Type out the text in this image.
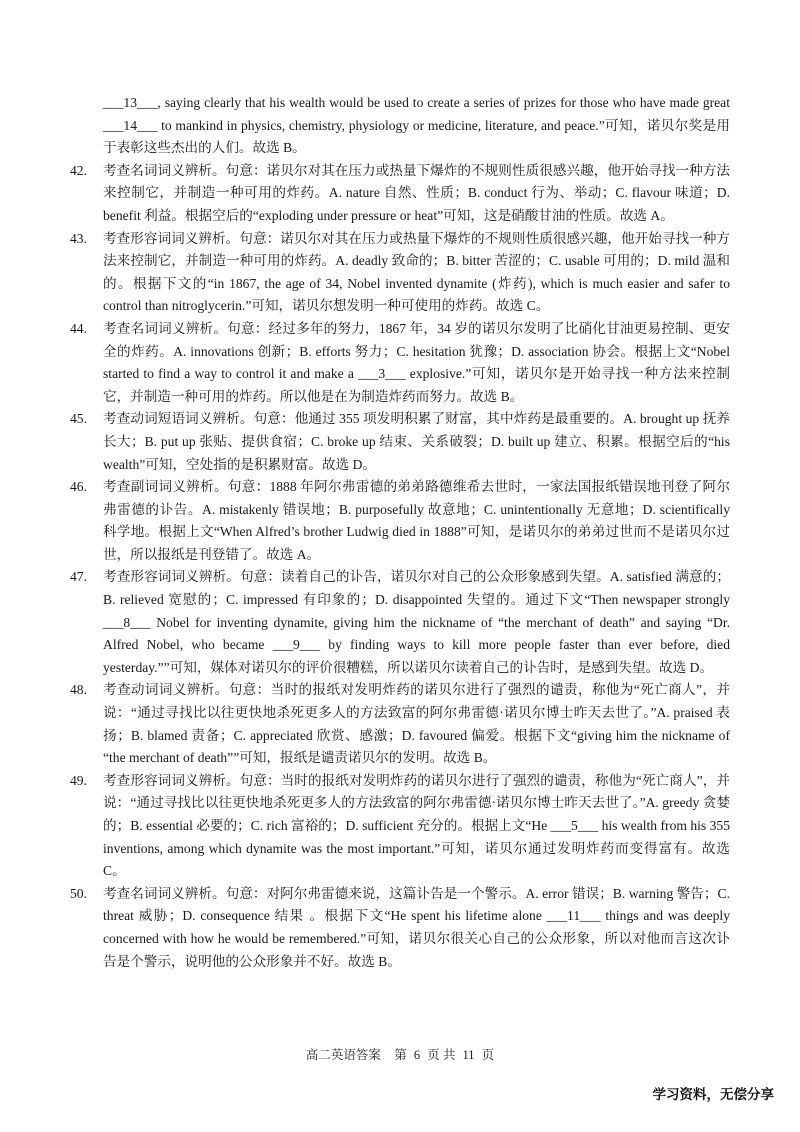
___13___, saying clearly that his wealth would be used to create a series of prizes for those who have made great ___14___ to mankind in physics, chemistry, physiology or medicine, literature, and peace.”可知，诺贝尔奖是用于表彰这些杰出的人们。故选 B。
42. 考查名词词义辨析。句意：诺贝尔对其在压力或热量下爆炸的不规则性质很感兴趣，他开始寻找一种方法来控制它，并制造一种可用的炸药。A. nature 自然、性质；B. conduct 行为、举动；C. flavour 味道；D. benefit 利益。根据空后的“exploding under pressure or heat”可知，这是硝酸甘油的性质。故选 A。
43. 考查形容词词义辨析。句意：诺贝尔对其在压力或热量下爆炸的不规则性质很感兴趣，他开始寻找一种方法来控制它，并制造一种可用的炸药。A. deadly 致命的；B. bitter 苦涩的；C. usable 可用的；D. mild 温和的。根据下文的“in 1867, the age of 34, Nobel invented dynamite (炸药), which is much easier and safer to control than nitroglycerin.”可知，诺贝尔想发明一种可使用的炸药。故选 C。
44. 考查名词词义辨析。句意：经过多年的努力，1867 年，34 岁的诺贝尔发明了比硝化甘油更易控制、更安全的炸药。A. innovations 创新；B. efforts 努力；C. hesitation 犹豫；D. association 协会。根据上文“Nobel started to find a way to control it and make a ___3___ explosive.”可知，诺贝尔是开始寻找一种方法来控制它，并制造一种可用的炸药。所以他是在为制造炸药而努力。故选 B。
45. 考查动词短语词义辨析。句意：他通过 355 项发明积累了财富，其中炸药是最重要的。A. brought up 抚养长大；B. put up 张贴、提供食宿；C. broke up 结束、关系破裂；D. built up 建立、积累。根据空后的“his wealth”可知，空处指的是积累财富。故选 D。
46. 考查副词词义辨析。句意：1888 年阿尔弗雷德的弟弟路德维希去世时，一家法国报纸错误地刊登了阿尔弗雷德的讣告。A. mistakenly 错误地；B. purposefully 故意地；C. unintentionally 无意地；D. scientifically 科学地。根据上文“When Alfred’s brother Ludwig died in 1888”可知，是诺贝尔的弟弟过世而不是诺贝尔过世，所以报纸是刊登错了。故选 A。
47. 考查形容词词义辨析。句意：读着自己的讣告，诺贝尔对自己的公众形象感到失望。A. satisfied 满意的；B. relieved 宽慰的；C. impressed 有印象的；D. disappointed 失望的。通过下文“Then newspaper strongly ___8___ Nobel for inventing dynamite, giving him the nickname of “the merchant of death” and saying “Dr. Alfred Nobel, who became ___9___ by finding ways to kill more people faster than ever before, died yesterday.””可知，媒体对诺贝尔的评价很糟糕，所以诺贝尔读着自己的讣告时，是感到失望。故选 D。
48. 考查动词词义辨析。句意：当时的报纸对发明炸药的诺贝尔进行了强烈的谴责，称他为“死亡商人”，并说：“通过寻找比以往更快地杀死更多人的方法致富的阿尔弗雷德·诺贝尔博士昨天去世了。”A. praised 表扬；B. blamed 责备；C. appreciated 欣赏、感激；D. favoured 偏爱。根据下文“giving him the nickname of “the merchant of death””可知，报纸是谴责诺贝尔的发明。故选 B。
49. 考查形容词词义辨析。句意：当时的报纸对发明炸药的诺贝尔进行了强烈的谴责，称他为“死亡商人”，并说：“通过寻找比以往更快地杀死更多人的方法致富的阿尔弗雷德·诺贝尔博士昨天去世了。”A. greedy 贪婪的；B. essential 必要的；C. rich 富裕的；D. sufficient 充分的。根据上文“He ___5___ his wealth from his 355 inventions, among which dynamite was the most important.”可知，诺贝尔通过发明炸药而变得富有。故选 C。
50. 考查名词词义辨析。句意：对阿尔弗雷德来说，这篇讣告是一个警示。A. error 错误；B. warning 警告；C. threat 威胁；D. consequence 结果 。根据下文“He spent his lifetime alone ___11___ things and was deeply concerned with how he would be remembered.”可知，诺贝尔很关心自己的公众形象，所以对他而言这次讣告是个警示，说明他的公众形象并不好。故选 B。
高二英语答案 第 6 页 共 11 页
学习资料，无偿分享
